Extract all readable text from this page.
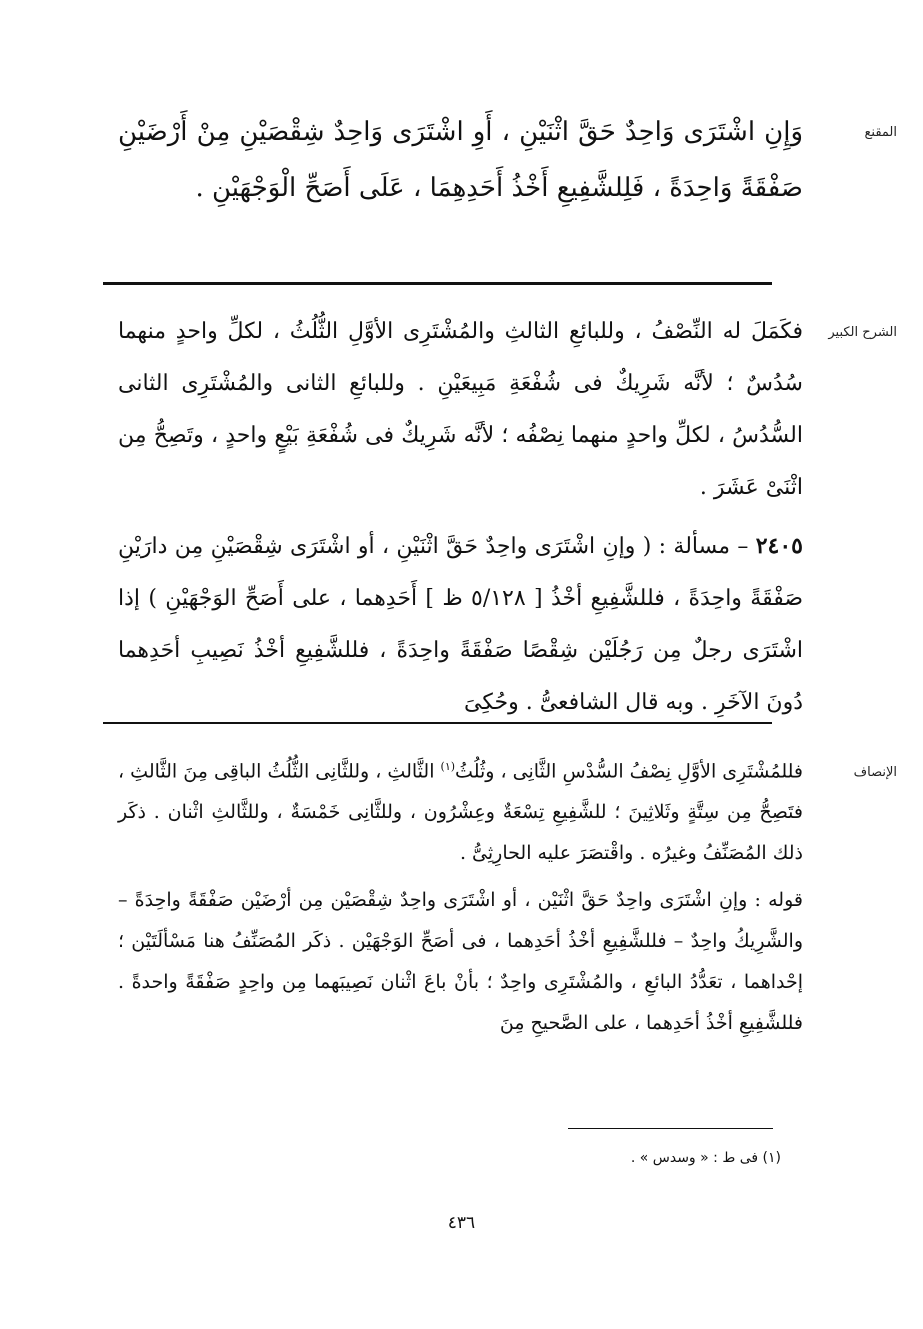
المقنع

وَإِنِ اشْتَرَى وَاحِدٌ حَقَّ اثْنَيْنِ ، أَوِ اشْتَرَى وَاحِدٌ شِقْصَيْنِ مِنْ أَرْضَيْنِ صَفْقَةً وَاحِدَةً ، فَلِلشَّفِيعِ أَخْذُ أَحَدِهِمَا ، عَلَى أَصَحِّ الْوَجْهَيْنِ .

الشرح الكبير

فكَمَلَ له النِّصْفُ ، وللبائعِ الثالثِ والمُشْتَرِى الأوَّلِ الثُّلُثُ ، لكلِّ واحدٍ منهما سُدُسٌ ؛ لأنَّه شَرِيكٌ فى شُفْعَةِ مَبِيعَيْنِ . وللبائعِ الثانى والمُشْتَرِى الثانى السُّدُسُ ، لكلِّ واحدٍ منهما نِصْفُه ؛ لأنَّه شَرِيكٌ فى شُفْعَةِ بَيْعٍ واحدٍ ، وتَصِحُّ مِن اثْنَىْ عَشَرَ .

٢٤٠٥ – مسألة : ( وإنِ اشْتَرَى واحِدٌ حَقَّ اثْنَيْنِ ، أو اشْتَرَى شِقْصَيْنِ مِن دارَيْنِ صَفْقَةً واحِدَةً ، فللشَّفِيعِ أخْذُ [ ٥/١٢٨ ظ ] أَحَدِهما ، على أَصَحِّ الوَجْهَيْنِ ) إذا اشْتَرَى رجلٌ مِن رَجُلَيْن شِقْصًا صَفْقَةً واحِدَةً ، فللشَّفِيعِ أخْذُ نَصِيبِ أحَدِهما دُونَ الآخَرِ . وبه قال الشافعىُّ . وحُكِىَ

الإنصاف

فللمُشْتَرِى الأوَّلِ نِصْفُ السُّدْسِ الثَّانِى ، وثُلُثُ$^{(١)}$ الثَّالثِ ، وللثَّانِى الثُّلُثُ الباقِى مِنَ الثَّالثِ ، فتَصِحُّ مِن سِتَّةٍ وثَلاثِينَ ؛ للشَّفِيعِ تِسْعَةٌ وعِشْرُون ، وللثَّانِى خَمْسَةٌ ، وللثَّالثِ اثْنان . ذكَر ذلك المُصَنِّفُ وغيرُه . واقْتصَرَ عليه الحارِثِىُّ .

قوله : وإنِ اشْتَرَى واحِدٌ حَقَّ اثْنَيْن ، أو اشْتَرَى واحِدٌ شِقْصَيْن مِن أرْضَيْن صَفْقَةً واحِدَةً – والشَّرِيكُ واحِدٌ – فللشَّفِيعِ أخْذُ أحَدِهما ، فى أصَحِّ الوَجْهَيْن . ذكَر المُصَنِّفُ هنا مَسْألَتَيْن ؛ إحْداهما ، تعَدُّدُ البائعِ ، والمُشْتَرِى واحِدٌ ؛ بأنْ باعَ اثْنان نَصِيبَهما مِن واحِدٍ صَفْقَةً واحدةً . فللشَّفِيعِ أخْذُ أحَدِهما ، على الصَّحيحِ مِنَ

(١) فى ط : « وسدس » .
٤٣٦
